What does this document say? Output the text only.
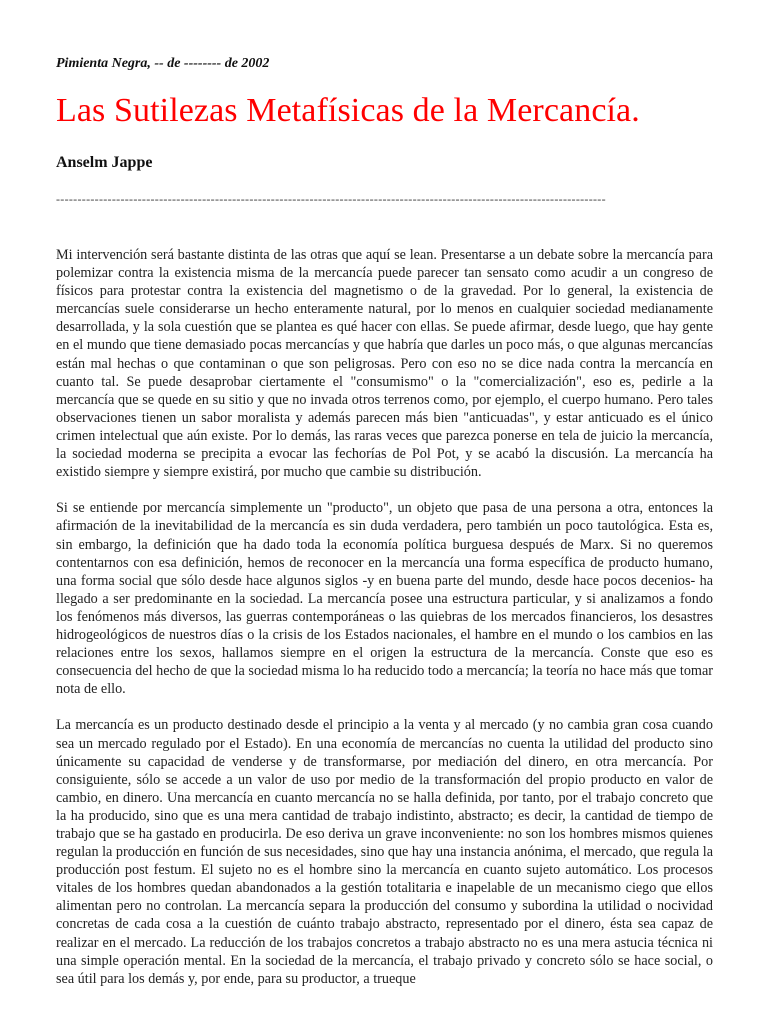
Pimienta Negra, -- de -------- de 2002
Las Sutilezas Metafísicas de la Mercancía.
Anselm Jappe
--------------------------------------------------------------------------------------------------------------------------------

Mi intervención será bastante distinta de las otras que aquí se lean. Presentarse a un debate sobre la mercancía para polemizar contra la existencia misma de la mercancía puede parecer tan sensato como acudir a un congreso de físicos para protestar contra la existencia del magnetismo o de la gravedad. Por lo general, la existencia de mercancías suele considerarse un hecho enteramente natural, por lo menos en cualquier sociedad medianamente desarrollada, y la sola cuestión que se plantea es qué hacer con ellas. Se puede afirmar, desde luego, que hay gente en el mundo que tiene demasiado pocas mercancías y que habría que darles un poco más, o que algunas mercancías están mal hechas o que contaminan o que son peligrosas. Pero con eso no se dice nada contra la mercancía en cuanto tal. Se puede desaprobar ciertamente el "consumismo" o la "comercialización", eso es, pedirle a la mercancía que se quede en su sitio y que no invada otros terrenos como, por ejemplo, el cuerpo humano. Pero tales observaciones tienen un sabor moralista y además parecen más bien "anticuadas", y estar anticuado es el único crimen intelectual que aún existe. Por lo demás, las raras veces que parezca ponerse en tela de juicio la mercancía, la sociedad moderna se precipita a evocar las fechorías de Pol Pot, y se acabó la discusión. La mercancía ha existido siempre y siempre existirá, por mucho que cambie su distribución.

Si se entiende por mercancía simplemente un "producto", un objeto que pasa de una persona a otra, entonces la afirmación de la inevitabilidad de la mercancía es sin duda verdadera, pero también un poco tautológica. Esta es, sin embargo, la definición que ha dado toda la economía política burguesa después de Marx. Si no queremos contentarnos con esa definición, hemos de reconocer en la mercancía una forma específica de producto humano, una forma social que sólo desde hace algunos siglos -y en buena parte del mundo, desde hace pocos decenios- ha llegado a ser predominante en la sociedad. La mercancía posee una estructura particular, y si analizamos a fondo los fenómenos más diversos, las guerras contemporáneas o las quiebras de los mercados financieros, los desastres hidrogeológicos de nuestros días o la crisis de los Estados nacionales, el hambre en el mundo o los cambios en las relaciones entre los sexos, hallamos siempre en el origen la estructura de la mercancía. Conste que eso es consecuencia del hecho de que la sociedad misma lo ha reducido todo a mercancía; la teoría no hace más que tomar nota de ello.

La mercancía es un producto destinado desde el principio a la venta y al mercado (y no cambia gran cosa cuando sea un mercado regulado por el Estado). En una economía de mercancías no cuenta la utilidad del producto sino únicamente su capacidad de venderse y de transformarse, por mediación del dinero, en otra mercancía. Por consiguiente, sólo se accede a un valor de uso por medio de la transformación del propio producto en valor de cambio, en dinero. Una mercancía en cuanto mercancía no se halla definida, por tanto, por el trabajo concreto que la ha producido, sino que es una mera cantidad de trabajo indistinto, abstracto; es decir, la cantidad de tiempo de trabajo que se ha gastado en producirla. De eso deriva un grave inconveniente: no son los hombres mismos quienes regulan la producción en función de sus necesidades, sino que hay una instancia anónima, el mercado, que regula la producción post festum. El sujeto no es el hombre sino la mercancía en cuanto sujeto automático. Los procesos vitales de los hombres quedan abandonados a la gestión totalitaria e inapelable de un mecanismo ciego que ellos alimentan pero no controlan. La mercancía separa la producción del consumo y subordina la utilidad o nocividad concretas de cada cosa a la cuestión de cuánto trabajo abstracto, representado por el dinero, ésta sea capaz de realizar en el mercado. La reducción de los trabajos concretos a trabajo abstracto no es una mera astucia técnica ni una simple operación mental. En la sociedad de la mercancía, el trabajo privado y concreto sólo se hace social, o sea útil para los demás y, por ende, para su productor, a trueque
